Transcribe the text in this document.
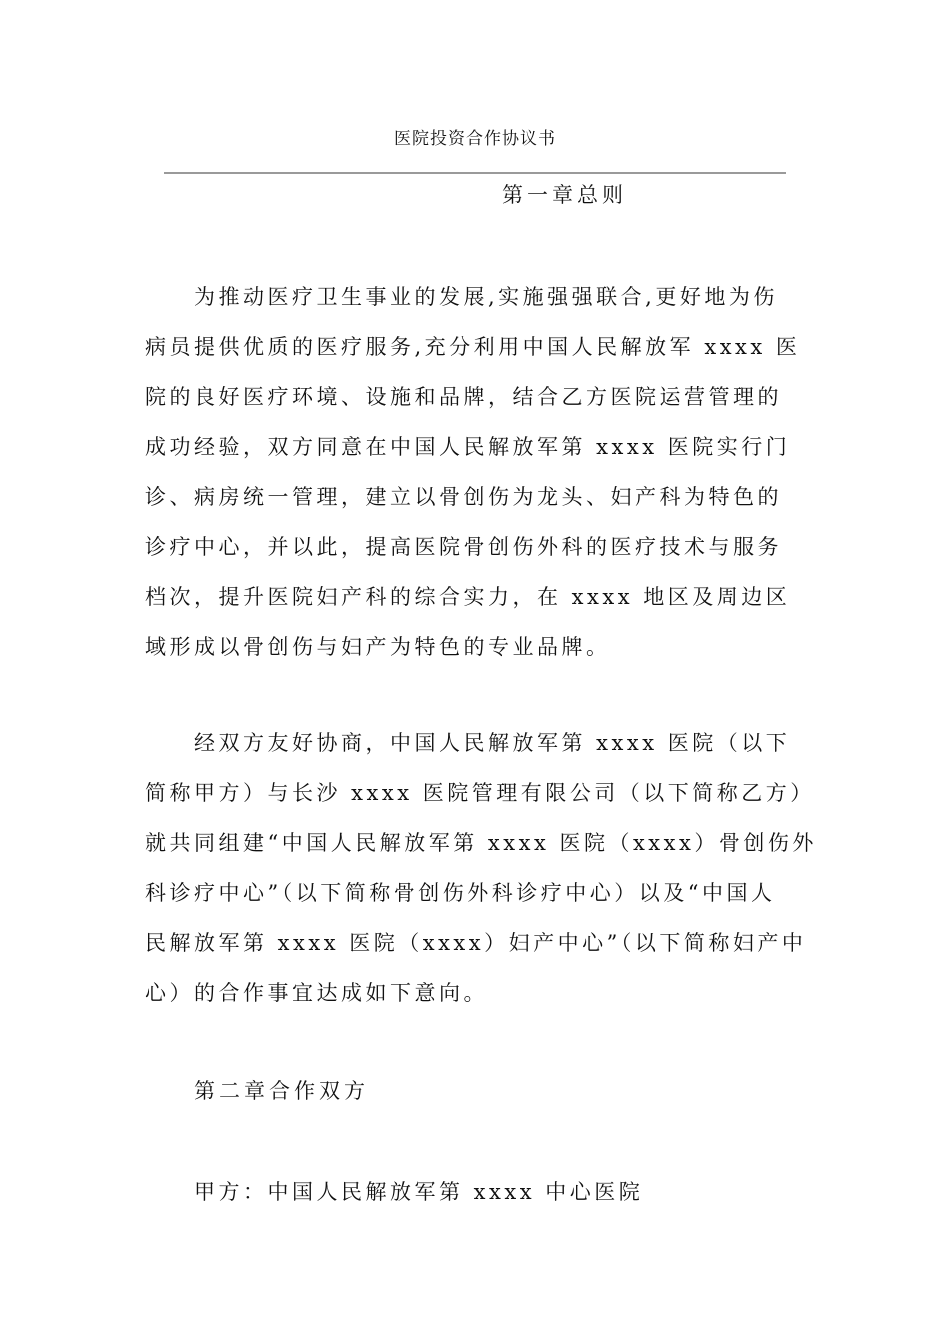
医院投资合作协议书
第一章总则
为推动医疗卫生事业的发展,实施强强联合,更好地为伤
病员提供优质的医疗服务,充分利用中国人民解放军 xxxx 医
院的良好医疗环境、设施和品牌，结合乙方医院运营管理的
成功经验，双方同意在中国人民解放军第 xxxx 医院实行门
诊、病房统一管理，建立以骨创伤为龙头、妇产科为特色的
诊疗中心，并以此，提高医院骨创伤外科的医疗技术与服务
档次，提升医院妇产科的综合实力，在 xxxx 地区及周边区
域形成以骨创伤与妇产为特色的专业品牌。
经双方友好协商，中国人民解放军第 xxxx 医院（以下
简称甲方）与长沙 xxxx 医院管理有限公司（以下简称乙方）
就共同组建“中国人民解放军第 xxxx 医院（xxxx）骨创伤外
科诊疗中心”（以下简称骨创伤外科诊疗中心）以及“中国人
民解放军第 xxxx 医院（xxxx）妇产中心”（以下简称妇产中
心）的合作事宜达成如下意向。
第二章合作双方
甲方：中国人民解放军第 xxxx 中心医院
